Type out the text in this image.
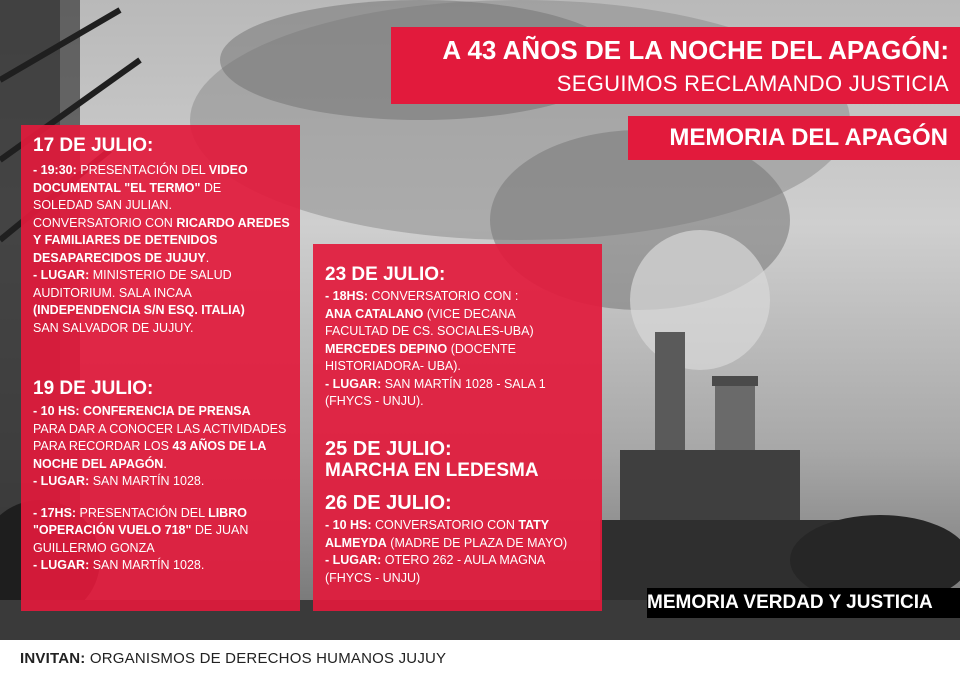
A 43 AÑOS DE LA NOCHE DEL APAGÓN:
SEGUIMOS RECLAMANDO JUSTICIA
MEMORIA DEL APAGÓN
17 DE JULIO:
- 19:30: PRESENTACIÓN DEL VIDEO
DOCUMENTAL "EL TERMO" DE
SOLEDAD SAN JULIAN.
CONVERSATORIO CON RICARDO AREDES
Y FAMILIARES DE DETENIDOS
DESAPARECIDOS DE JUJUY.
- LUGAR: MINISTERIO DE SALUD
AUDITORIUM. SALA INCAA
(INDEPENDENCIA S/N ESQ. ITALIA)
SAN SALVADOR DE JUJUY.
19 DE JULIO:
- 10 HS: CONFERENCIA DE PRENSA
PARA DAR A CONOCER LAS ACTIVIDADES
PARA RECORDAR LOS 43 AÑOS DE LA
NOCHE DEL APAGÓN.
- LUGAR: SAN MARTÍN 1028.
- 17HS: PRESENTACIÓN DEL LIBRO
"OPERACIÓN VUELO 718" DE JUAN
GUILLERMO GONZA
- LUGAR: SAN MARTÍN 1028.
23 DE JULIO:
- 18HS: CONVERSATORIO CON :
ANA CATALANO (VICE DECANA
FACULTAD DE CS. SOCIALES-UBA)
MERCEDES DEPINO (DOCENTE
HISTORIADORA- UBA).
- LUGAR: SAN MARTÍN 1028 - SALA 1
(FHYCS - UNJU).
25 DE JULIO:
MARCHA EN LEDESMA
26 DE JULIO:
- 10 HS: CONVERSATORIO CON TATY
ALMEYDA (MADRE DE PLAZA DE MAYO)
- LUGAR: OTERO 262 - AULA MAGNA
(FHYCS - UNJU)
MEMORIA VERDAD Y JUSTICIA
INVITAN: ORGANISMOS DE DERECHOS HUMANOS JUJUY
